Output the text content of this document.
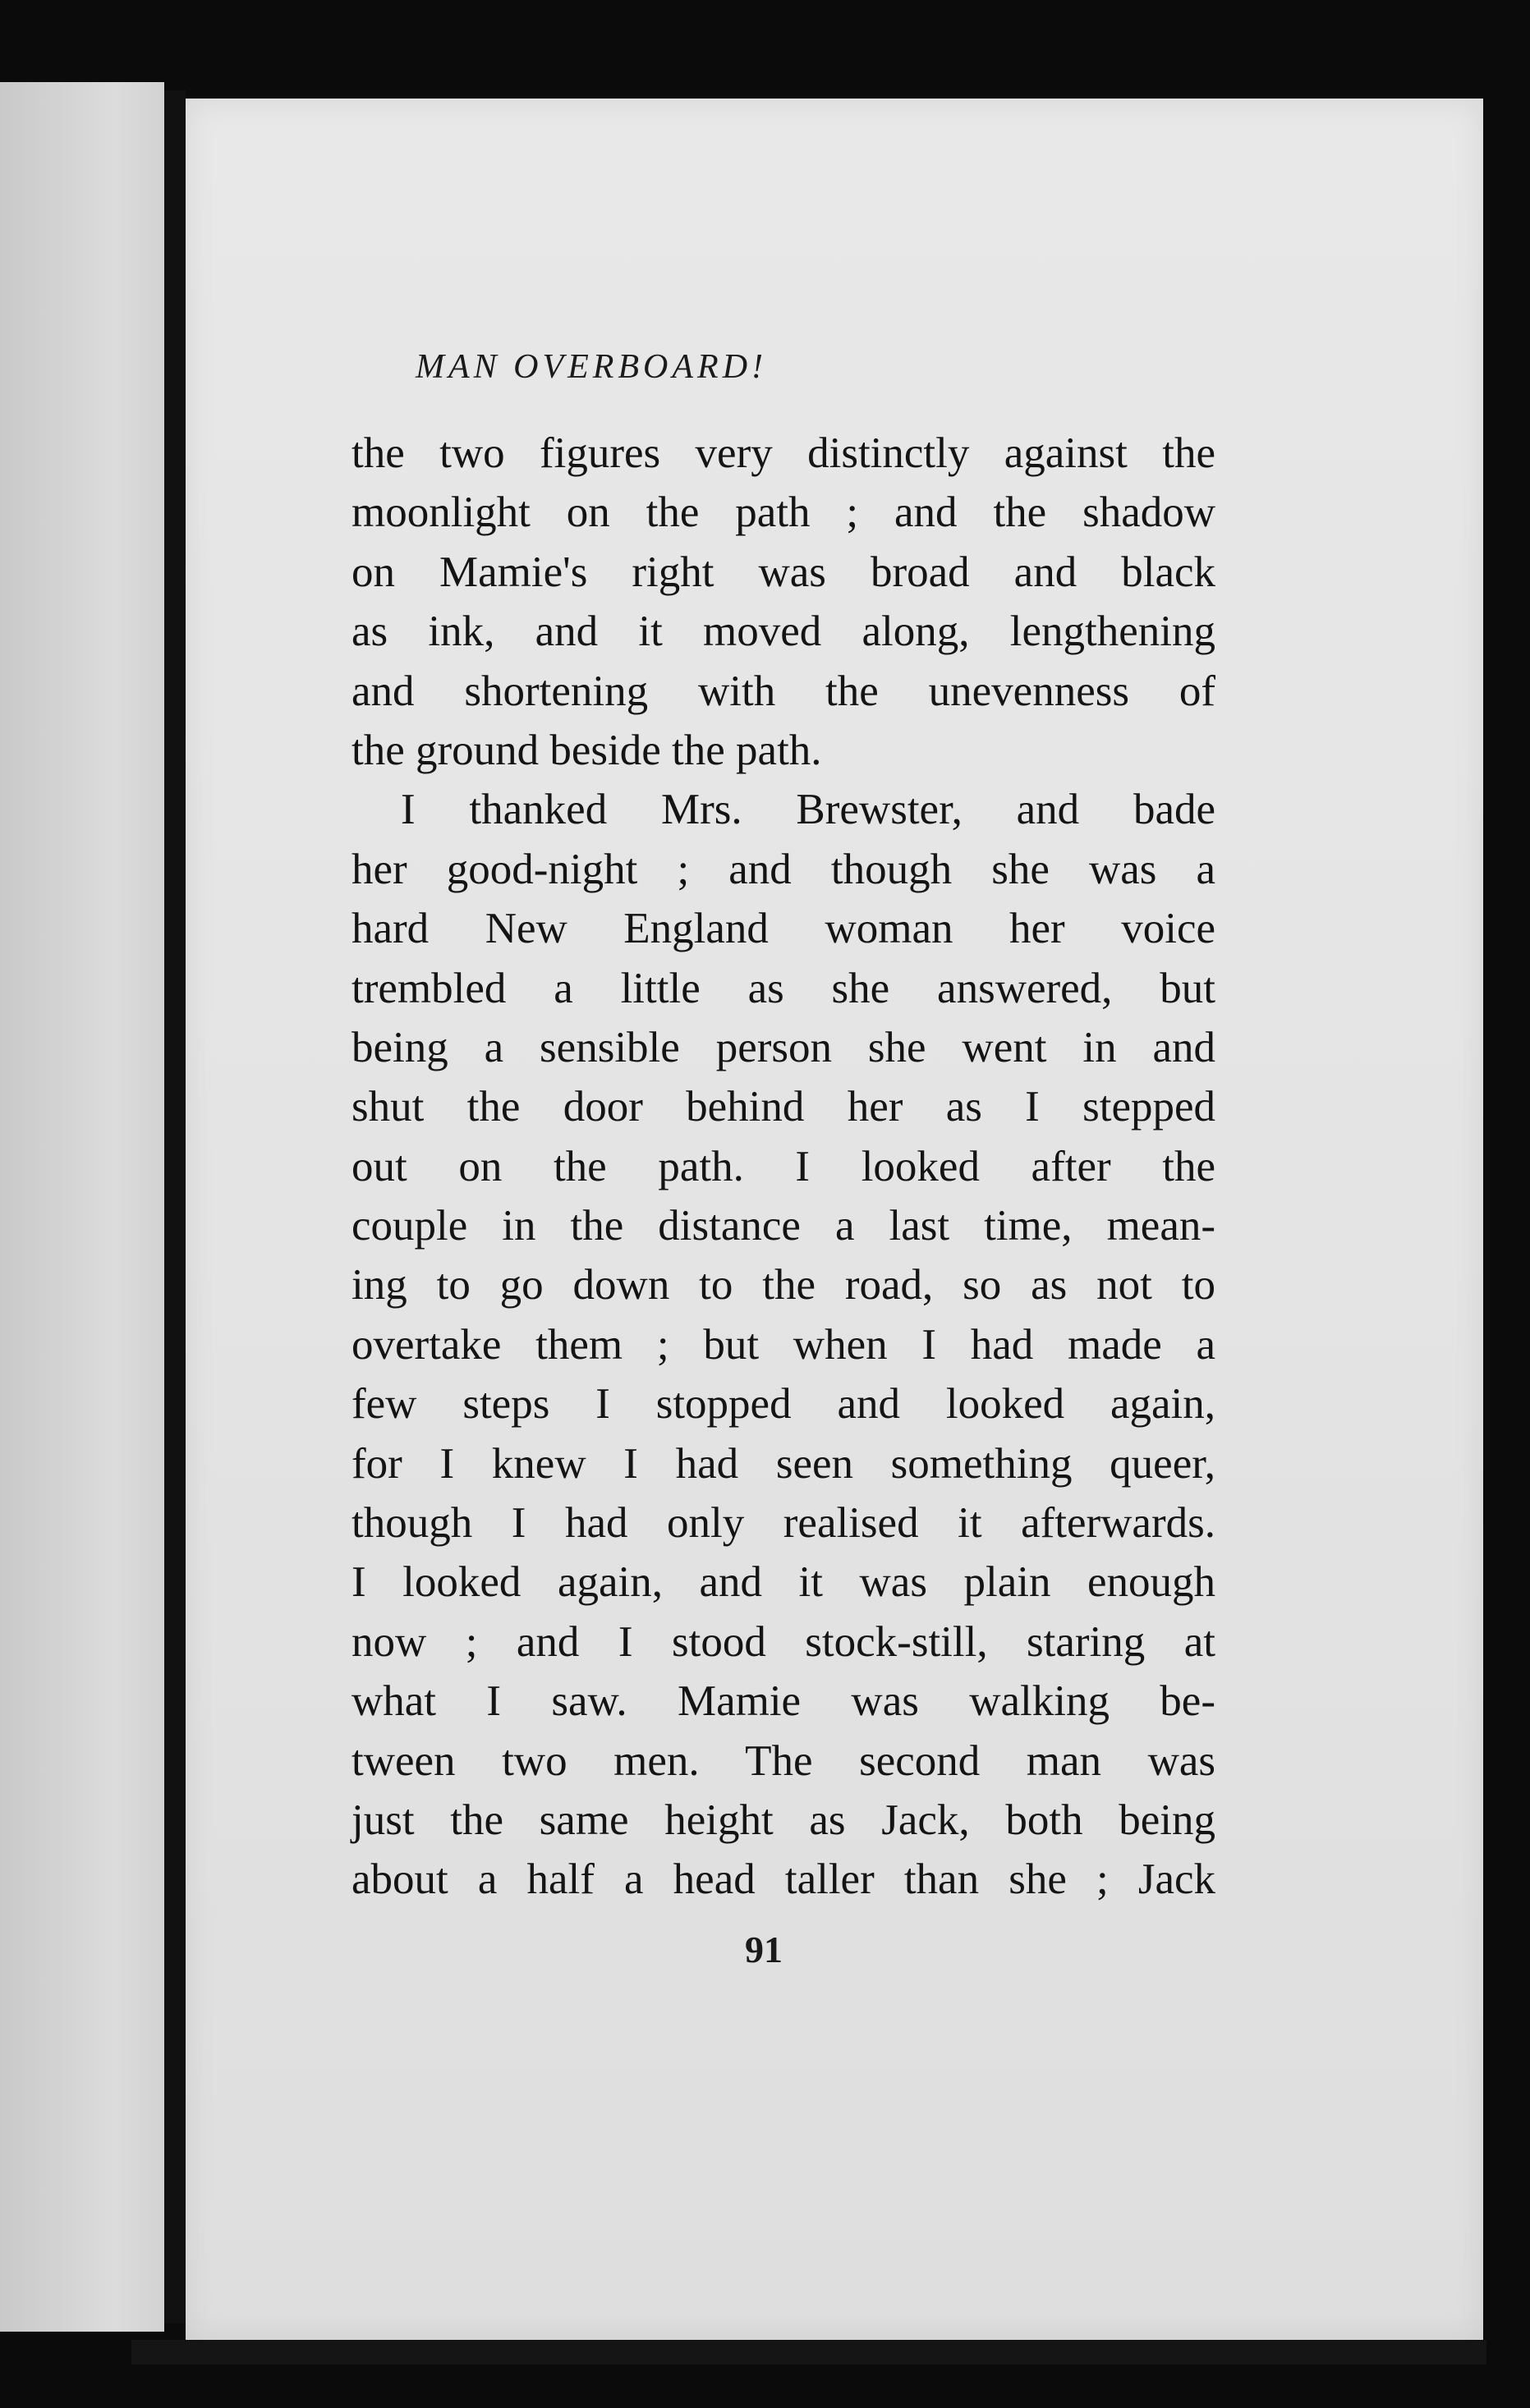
MAN OVERBOARD!
the two figures very distinctly against the
moonlight on the path ; and the shadow
on Mamie's right was broad and black
as ink, and it moved along, lengthening
and shortening with the unevenness of
the ground beside the path.
I thanked Mrs. Brewster, and bade
her good-night ; and though she was a
hard New England woman her voice
trembled a little as she answered, but
being a sensible person she went in and
shut the door behind her as I stepped
out on the path. I looked after the
couple in the distance a last time, mean-
ing to go down to the road, so as not to
overtake them ; but when I had made a
few steps I stopped and looked again,
for I knew I had seen something queer,
though I had only realised it afterwards.
I looked again, and it was plain enough
now ; and I stood stock-still, staring at
what I saw. Mamie was walking be-
tween two men. The second man was
just the same height as Jack, both being
about a half a head taller than she ; Jack
91
